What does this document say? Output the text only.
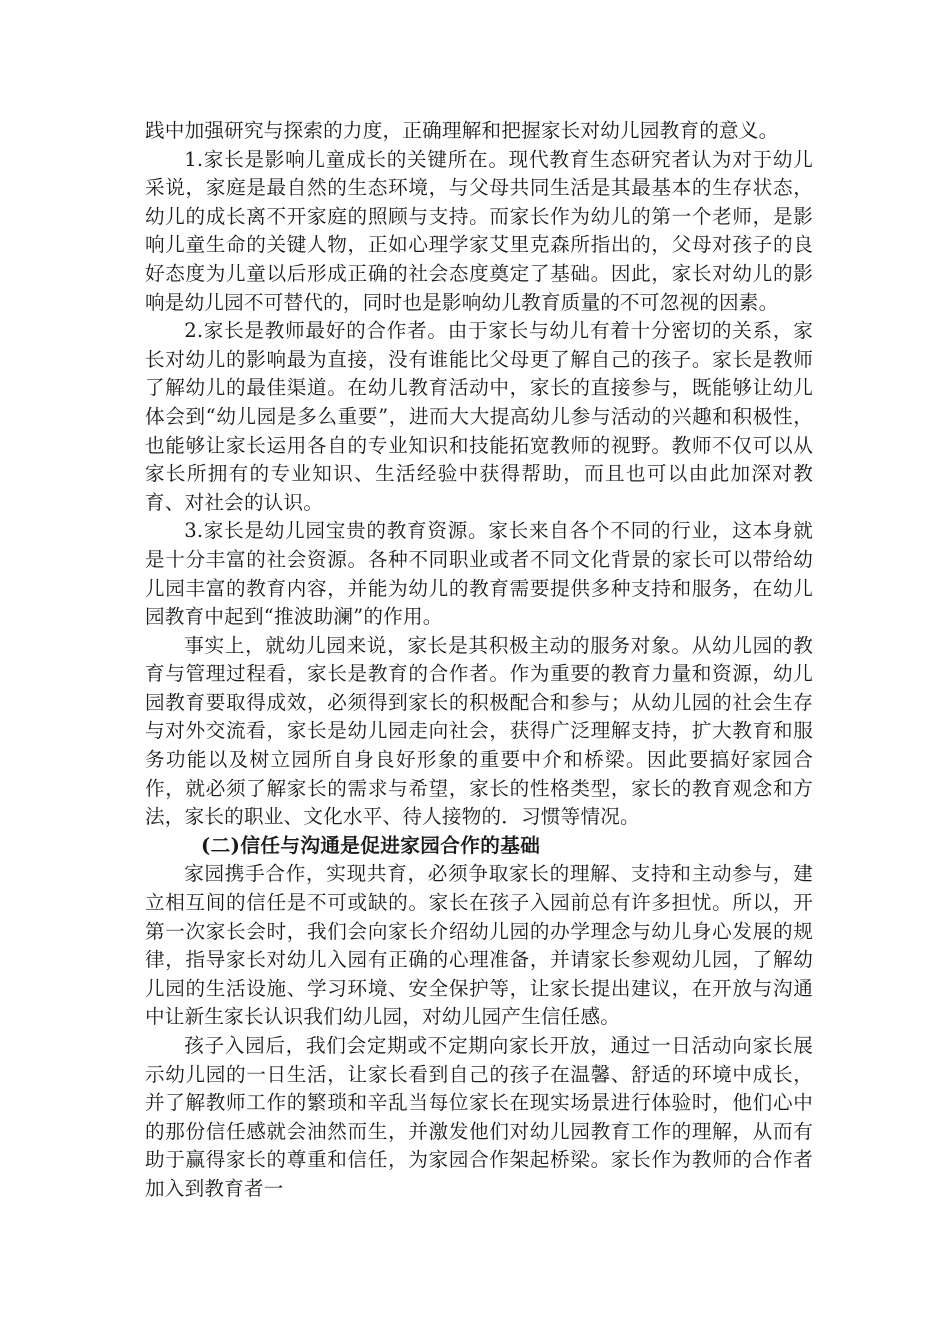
践中加强研究与探索的力度，正确理解和把握家长对幼儿园教育的意义。

1.家长是影响儿童成长的关键所在。现代教育生态研究者认为对于幼儿采说，家庭是最自然的生态环境，与父母共同生活是其最基本的生存状态，幼儿的成长离不开家庭的照顾与支持。而家长作为幼儿的第一个老师，是影响儿童生命的关键人物，正如心理学家艾里克森所指出的，父母对孩子的良好态度为儿童以后形成正确的社会态度奠定了基础。因此，家长对幼儿的影响是幼儿园不可替代的，同时也是影响幼儿教育质量的不可忽视的因素。

2.家长是教师最好的合作者。由于家长与幼儿有着十分密切的关系，家长对幼儿的影响最为直接，没有谁能比父母更了解自己的孩子。家长是教师了解幼儿的最佳渠道。在幼儿教育活动中，家长的直接参与，既能够让幼儿体会到“幼儿园是多么重要”，进而大大提高幼儿参与活动的兴趣和积极性，也能够让家长运用各自的专业知识和技能拓宽教师的视野。教师不仅可以从家长所拥有的专业知识、生活经验中获得帮助，而且也可以由此加深对教育、对社会的认识。

3.家长是幼儿园宝贵的教育资源。家长来自各个不同的行业，这本身就是十分丰富的社会资源。各种不同职业或者不同文化背景的家长可以带给幼儿园丰富的教育内容，并能为幼儿的教育需要提供多种支持和服务，在幼儿园教育中起到“推波助澜”的作用。

事实上，就幼儿园来说，家长是其积极主动的服务对象。从幼儿园的教育与管理过程看，家长是教育的合作者。作为重要的教育力量和资源，幼儿园教育要取得成效，必须得到家长的积极配合和参与；从幼儿园的社会生存与对外交流看，家长是幼儿园走向社会，获得广泛理解支持，扩大教育和服务功能以及树立园所自身良好形象的重要中介和桥梁。因此要搞好家园合作，就必须了解家长的需求与希望，家长的性格类型，家长的教育观念和方法，家长的职业、文化水平、待人接物的．习惯等情况。

(二)信任与沟通是促进家园合作的基础

家园携手合作，实现共育，必须争取家长的理解、支持和主动参与，建立相互间的信任是不可或缺的。家长在孩子入园前总有许多担忧。所以，开第一次家长会时，我们会向家长介绍幼儿园的办学理念与幼儿身心发展的规律，指导家长对幼儿入园有正确的心理准备，并请家长参观幼儿园，了解幼儿园的生活设施、学习环境、安全保护等，让家长提出建议，在开放与沟通中让新生家长认识我们幼儿园，对幼儿园产生信任感。

孩子入园后，我们会定期或不定期向家长开放，通过一日活动向家长展示幼儿园的一日生活，让家长看到自己的孩子在温馨、舒适的环境中成长，并了解教师工作的繁琐和辛乱当每位家长在现实场景进行体验时，他们心中的那份信任感就会油然而生，并激发他们对幼儿园教育工作的理解，从而有助于赢得家长的尊重和信任，为家园合作架起桥梁。家长作为教师的合作者加入到教育者一
